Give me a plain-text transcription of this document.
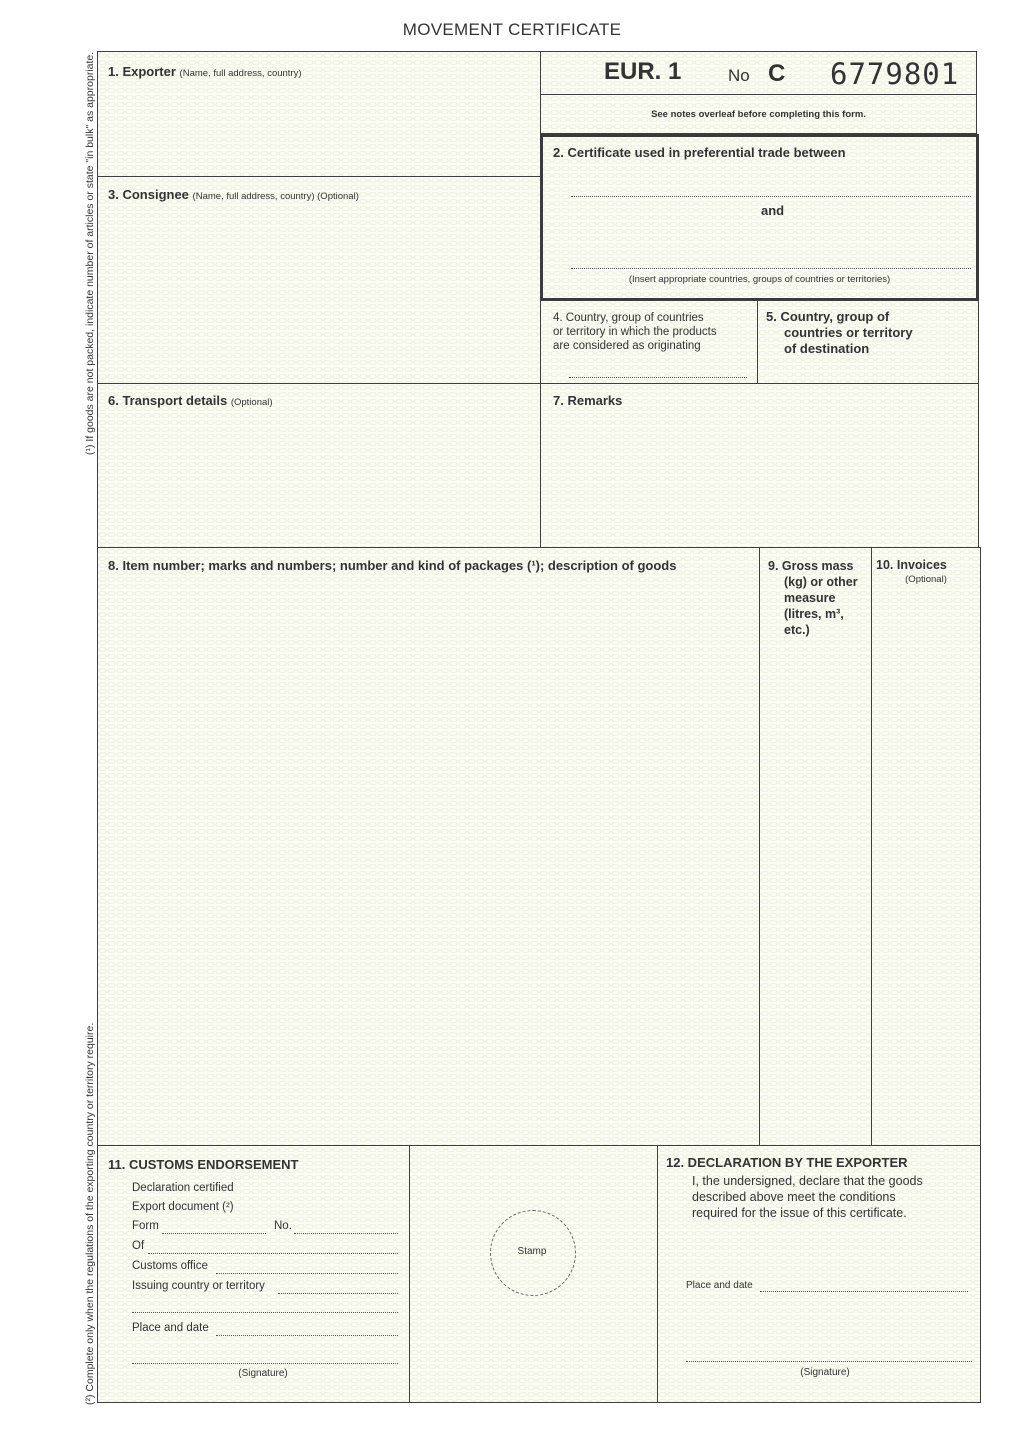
MOVEMENT CERTIFICATE
(¹) If goods are not packed, indicate number of articles or state "in bulk" as appropriate.
(²) Complete only when the regulations of the exporting country or territory require.
1. Exporter (Name, full address, country)	EUR. 1	No C 6779801
See notes overleaf before completing this form.
2. Certificate used in preferential trade between
and
(Insert appropriate countries, groups of countries or territories)
3. Consignee (Name, full address, country) (Optional)
4. Country, group of countries
or territory in which the products
are considered as originating
5. Country, group of
countries or territory
of destination
6. Transport details (Optional)	7. Remarks
8. Item number; marks and numbers; number and kind of packages (¹); description of goods	9. Gross mass
(kg) or other
measure
(litres, m³,
etc.)
10. Invoices
(Optional)
11. CUSTOMS ENDORSEMENT
Declaration certified
Export document (²)
Form	No.
Of
Customs office
Issuing country or territory
Place and date
(Signature)
Stamp
12. DECLARATION BY THE EXPORTER
I, the undersigned, declare that the goods
described above meet the conditions
required for the issue of this certificate.
Place and date
(Signature)
